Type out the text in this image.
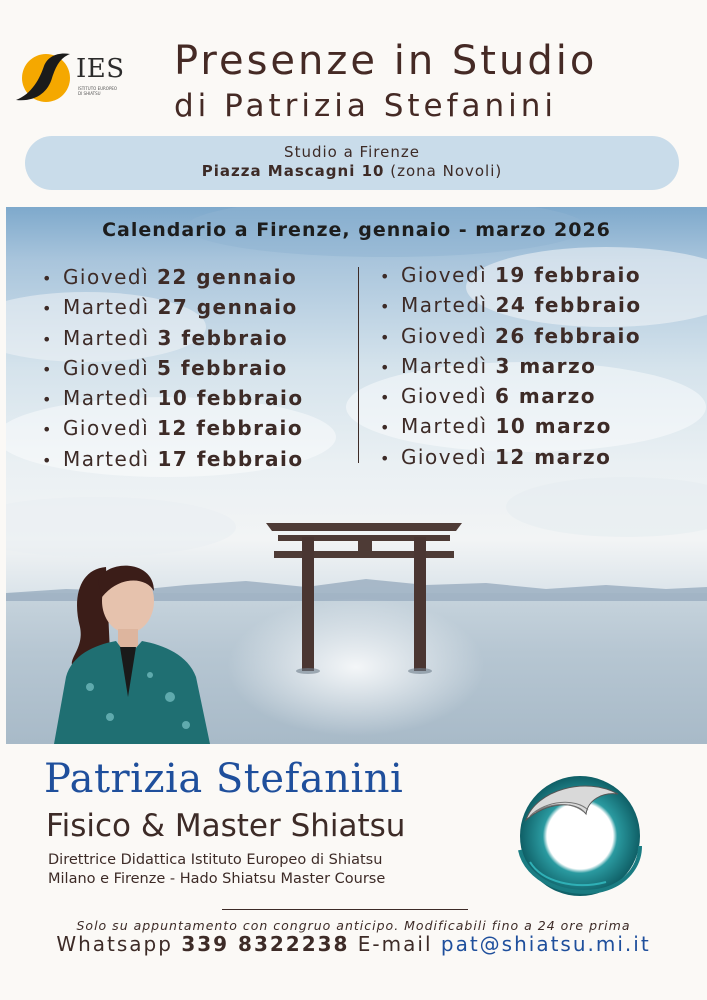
IES
ISTITUTO EUROPEO DI SHIATSU
Presenze in Studio
di Patrizia Stefanini
Studio a Firenze
Piazza Mascagni 10 (zona Novoli)
Calendario a Firenze, gennaio - marzo 2026
• Giovedì 22 gennaio
• Martedì 27 gennaio
• Martedì 3 febbraio
• Giovedì 5 febbraio
• Martedì 10 febbraio
• Giovedì 12 febbraio
• Martedì 17 febbraio
• Giovedì 19 febbraio
• Martedì 24 febbraio
• Giovedì 26 febbraio
• Martedì 3 marzo
• Giovedì 6 marzo
• Martedì 10 marzo
• Giovedì 12 marzo
Patrizia Stefanini
Fisico & Master Shiatsu
Direttrice Didattica Istituto Europeo di Shiatsu
Milano e Firenze - Hado Shiatsu Master Course
Solo su appuntamento con congruo anticipo. Modificabili fino a 24 ore prima
Whatsapp 339 8322238 E-mail pat@shiatsu.mi.it
